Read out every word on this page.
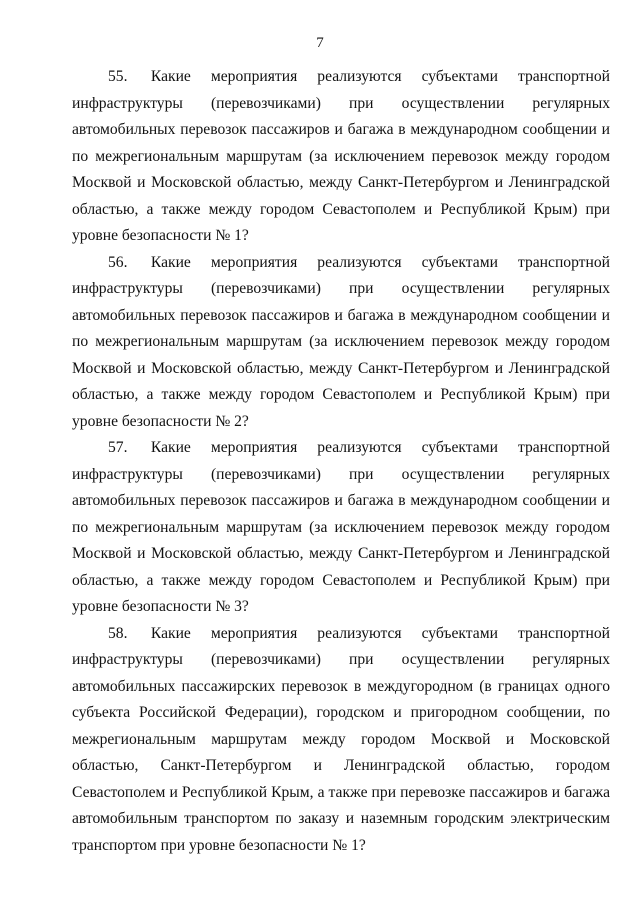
7

55.   Какие мероприятия реализуются субъектами транспортной инфраструктуры (перевозчиками) при осуществлении регулярных автомобильных перевозок пассажиров и багажа в международном сообщении и по межрегиональным маршрутам (за исключением перевозок между городом Москвой и Московской областью, между Санкт-Петербургом и Ленинградской областью, а также между городом Севастополем и Республикой Крым) при уровне безопасности № 1?

56.   Какие мероприятия реализуются субъектами транспортной инфраструктуры (перевозчиками) при осуществлении регулярных автомобильных перевозок пассажиров и багажа в международном сообщении и по межрегиональным маршрутам (за исключением перевозок между городом Москвой и Московской областью, между Санкт-Петербургом и Ленинградской областью, а также между городом Севастополем и Республикой Крым) при уровне безопасности № 2?

57.   Какие мероприятия реализуются субъектами транспортной инфраструктуры (перевозчиками) при осуществлении регулярных автомобильных перевозок пассажиров и багажа в международном сообщении и по межрегиональным маршрутам (за исключением перевозок между городом Москвой и Московской областью, между Санкт-Петербургом и Ленинградской областью, а также между городом Севастополем и Республикой Крым) при уровне безопасности № 3?

58.   Какие мероприятия реализуются субъектами транспортной инфраструктуры (перевозчиками) при осуществлении регулярных автомобильных пассажирских перевозок в междугородном (в границах одного субъекта Российской Федерации), городском и пригородном сообщении, по межрегиональным маршрутам между городом Москвой и Московской областью, Санкт-Петербургом и Ленинградской областью, городом Севастополем и Республикой Крым, а также при перевозке пассажиров и багажа автомобильным транспортом по заказу и наземным городским электрическим транспортом при уровне безопасности № 1?
